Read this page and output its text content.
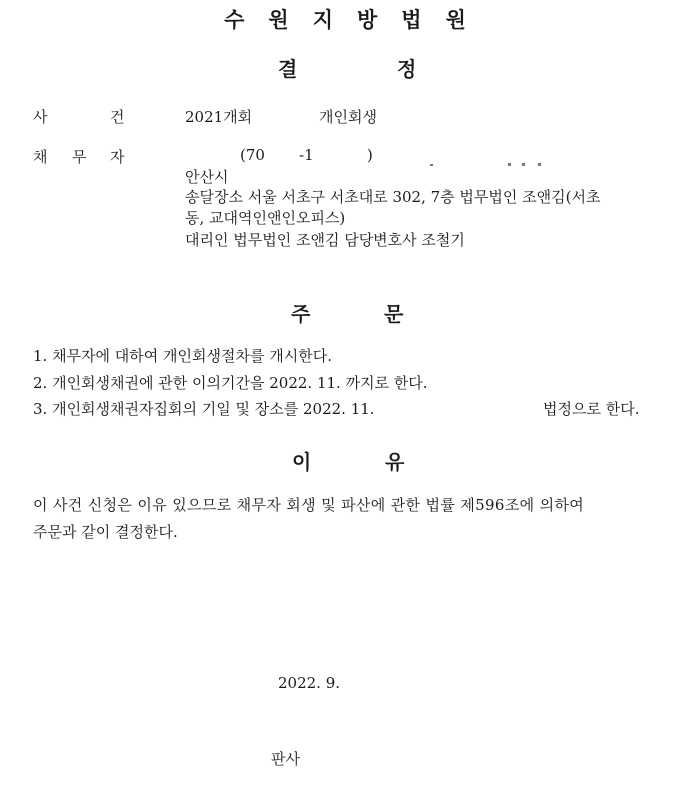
수 원 지 방 법 원
결	정
사	건	2021개회	개인회생
채 무 자	(70 -1	)
안산시
송달장소 서울 서초구 서초대로 302, 7층 법무법인 조앤김(서초
동, 교대역인앤인오피스)
대리인 법무법인 조앤김 담당변호사 조철기
주	문
1. 채무자에 대하여 개인회생절차를 개시한다.
2. 개인회생채권에 관한 이의기간을 2022. 11. 까지로 한다.
3. 개인회생채권자집회의 기일 및 장소를 2022. 11.	법정으로 한다.
이	유
이 사건 신청은 이유 있으므로 채무자 회생 및 파산에 관한 법률 제596조에 의하여
주문과 같이 결정한다.
2022. 9.
판사
